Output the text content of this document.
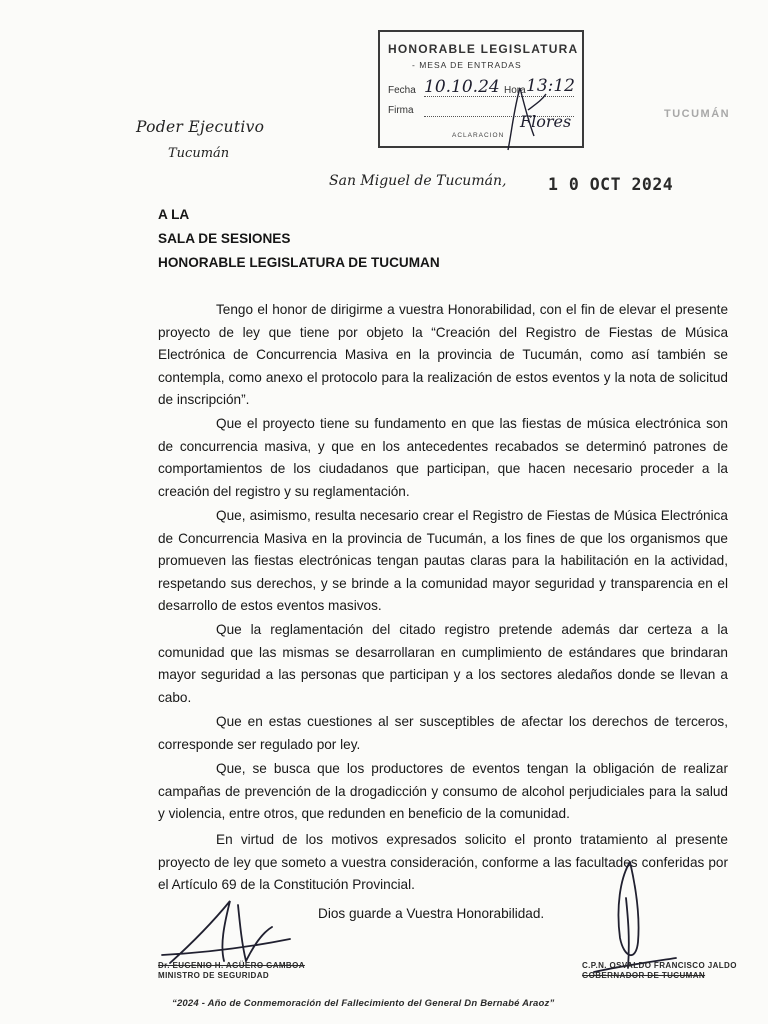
HONORABLE LEGISLATURA
- MESA DE ENTRADAS
Fecha	Hora
Firma
ACLARACION
10.10.24 13:12
Flores
Poder Ejecutivo
Tucumán
TUCUMÁN
San Miguel de Tucumán,	1 0 OCT 2024
A LA
SALA DE SESIONES
HONORABLE LEGISLATURA DE TUCUMAN

Tengo el honor de dirigirme a vuestra Honorabilidad, con el fin de elevar el presente proyecto de ley que tiene por objeto la “Creación del Registro de Fiestas de Música Electrónica de Concurrencia Masiva en la provincia de Tucumán, como así también se contempla, como anexo el protocolo para la realización de estos eventos y la nota de solicitud de inscripción”.

Que el proyecto tiene su fundamento en que las fiestas de música electrónica son de concurrencia masiva, y que en los antecedentes recabados se determinó patrones de comportamientos de los ciudadanos que participan, que hacen necesario proceder a la creación del registro y su reglamentación.

Que, asimismo, resulta necesario crear el Registro de Fiestas de Música Electrónica de Concurrencia Masiva en la provincia de Tucumán, a los fines de que los organismos que promueven las fiestas electrónicas tengan pautas claras para la habilitación en la actividad, respetando sus derechos, y se brinde a la comunidad mayor seguridad y transparencia en el desarrollo de estos eventos masivos.

Que la reglamentación del citado registro pretende además dar certeza a la comunidad que las mismas se desarrollaran en cumplimiento de estándares que brindaran mayor seguridad a las personas que participan y a los sectores aledaños donde se llevan a cabo.

Que en estas cuestiones al ser susceptibles de afectar los derechos de terceros, corresponde ser regulado por ley.

Que, se busca que los productores de eventos tengan la obligación de realizar campañas de prevención de la drogadicción y consumo de alcohol perjudiciales para la salud y violencia, entre otros, que redunden en beneficio de la comunidad.

En virtud de los motivos expresados solicito el pronto tratamiento al presente proyecto de ley que someto a vuestra consideración, conforme a las facultades conferidas por el Artículo 69 de la Constitución Provincial.

Dios guarde a Vuestra Honorabilidad.
Dr. EUGENIO H. AGÜERO GAMBOA
MINISTRO DE SEGURIDAD
C.P.N. OSVALDO FRANCISCO JALDO
GOBERNADOR DE TUCUMAN
“2024 - Año de Conmemoración del Fallecimiento del General Dn Bernabé Araoz”
